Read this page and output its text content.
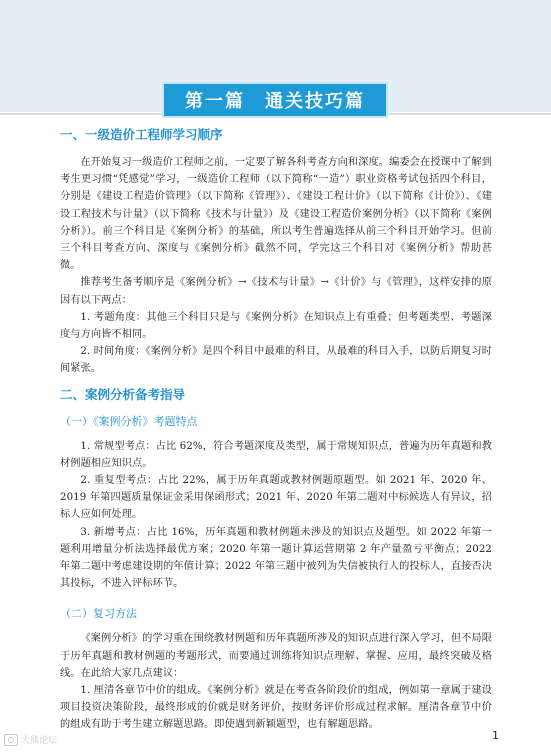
第一篇　通关技巧篇
一、一级造价工程师学习顺序

在开始复习一级造价工程师之前，一定要了解各科考查方向和深度。编委会在授课中了解到考生更习惯“凭感觉”学习，一级造价工程师（以下简称“一造”）职业资格考试包括四个科目，分别是《建设工程造价管理》（以下简称《管理》）、《建设工程计价》（以下简称《计价》）、《建设工程技术与计量》（以下简称《技术与计量》）及《建设工程造价案例分析》（以下简称《案例分析》）。前三个科目是《案例分析》的基础，所以考生普遍选择从前三个科目开始学习。但前三个科目考查方向、深度与《案例分析》截然不同，学完这三个科目对《案例分析》帮助甚微。

推荐考生备考顺序是《案例分析》→《技术与计量》→《计价》与《管理》，这样安排的原因有以下两点：

1. 考题角度：其他三个科目只是与《案例分析》在知识点上有重叠；但考题类型、考题深度与方向皆不相同。

2. 时间角度：《案例分析》是四个科目中最难的科目，从最难的科目入手，以防后期复习时间紧张。

二、案例分析备考指导
（一）《案例分析》考题特点

1. 常规型考点：占比 62%，符合考题深度及类型，属于常规知识点，普遍为历年真题和教材例题相应知识点。

2. 重复型考点：占比 22%，属于历年真题或教材例题原题型。如 2021 年、2020 年、2019 年第四题质量保证金采用保函形式；2021 年、2020 年第二题对中标候选人有异议，招标人应如何处理。

3. 新增考点：占比 16%，历年真题和教材例题未涉及的知识点及题型。如 2022 年第一题利用增量分析法选择最优方案；2020 年第一题计算运营期第 2 年产量盈亏平衡点；2022 年第二题中考虑建设期的年值计算；2022 年第三题中被列为失信被执行人的投标人，直接否决其投标，不进入评标环节。

（二）复习方法

《案例分析》的学习重在围绕教材例题和历年真题所涉及的知识点进行深入学习，但不局限于历年真题和教材例题的考题形式，而要通过训练将知识点理解、掌握、应用，最终突破及格线。在此给大家几点建议：

1. 厘清各章节中价的组成。《案例分析》就是在考查各阶段价的组成，例如第一章属于建设项目投资决策阶段，最终形成的价就是财务评价，按财务评价形成过程求解。厘清各章节中价的组成有助于考生建立解题思路。即使遇到新颖题型，也有解题思路。

大熊论坛	1
